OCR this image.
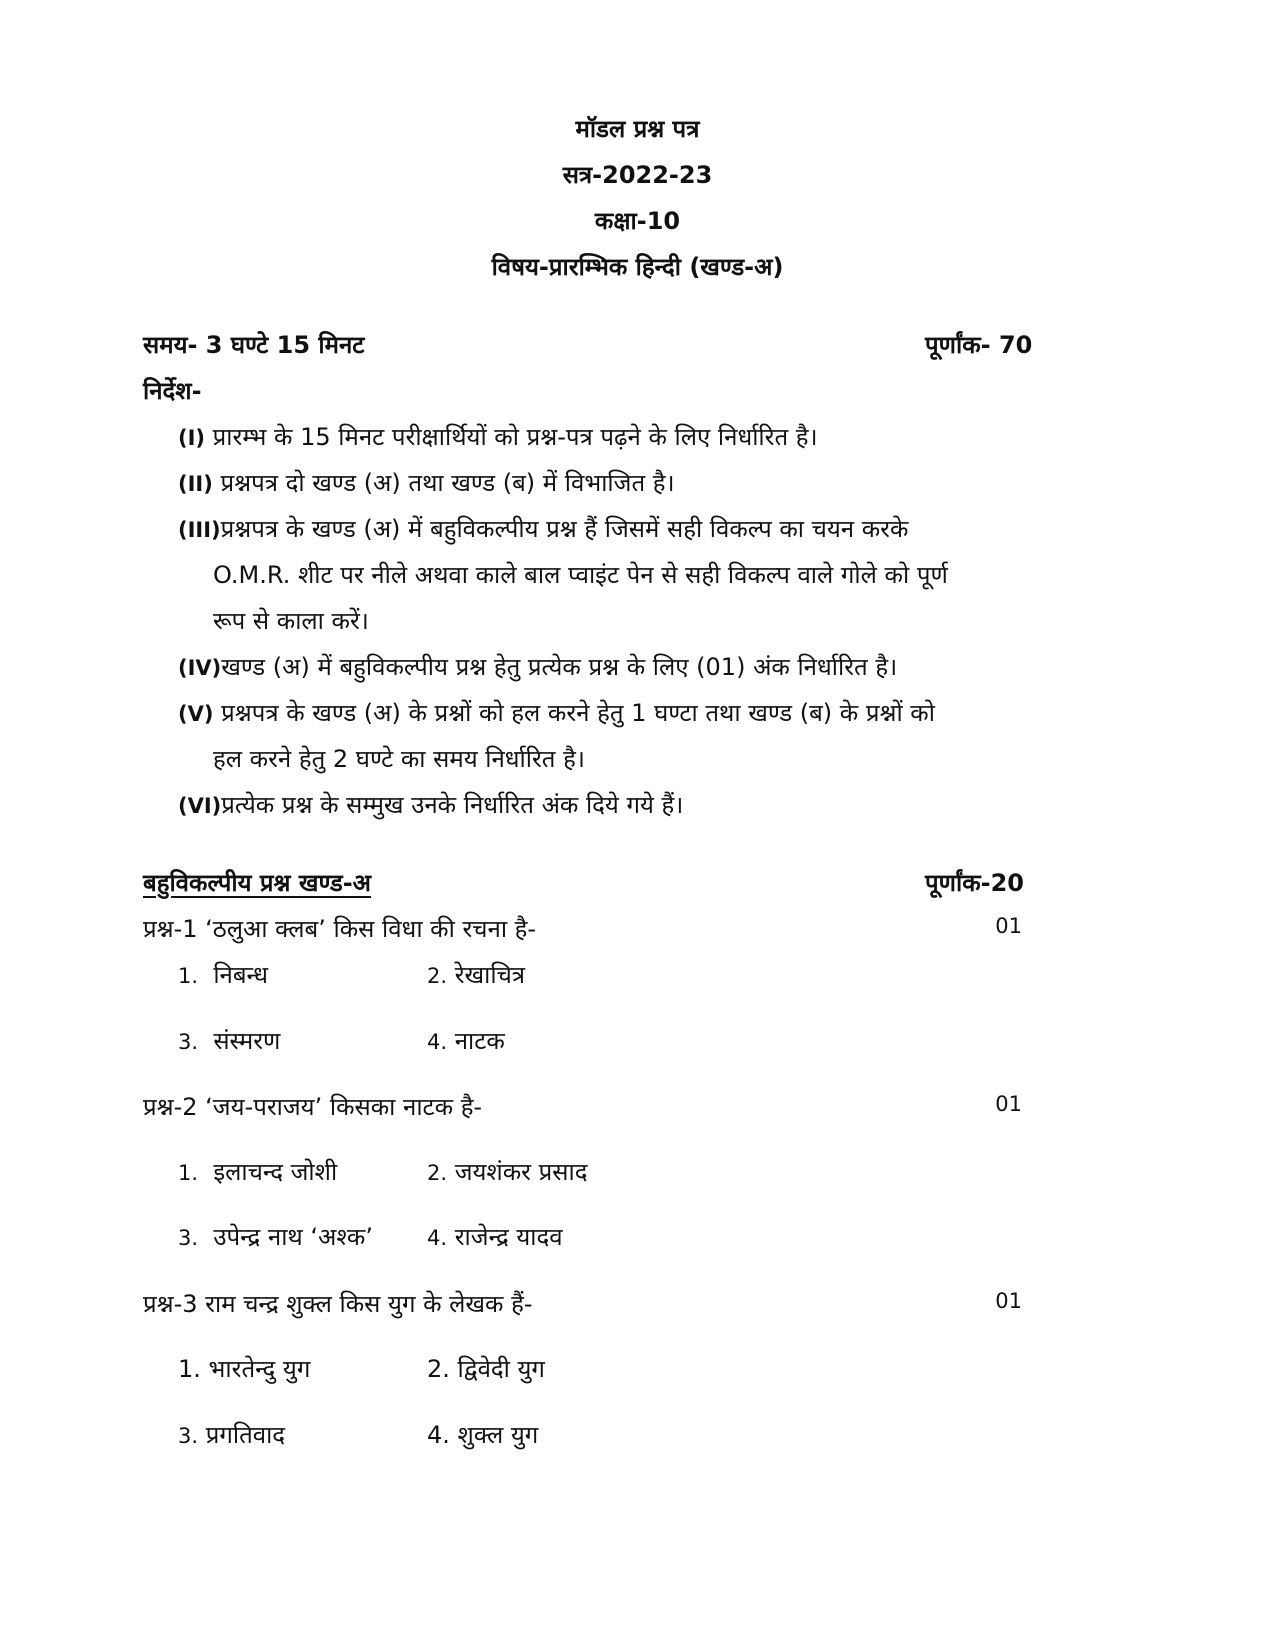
मॉडल प्रश्न पत्र
सत्र-2022-23
कक्षा-10
विषय-प्रारम्भिक हिन्दी (खण्ड-अ)
समय- 3 घण्टे 15 मिनट	पूर्णांक- 70
निर्देश-
(I) प्रारम्भ के 15 मिनट परीक्षार्थियों को प्रश्न-पत्र पढ़ने के लिए निर्धारित है।
(II) प्रश्नपत्र दो खण्ड (अ) तथा खण्ड (ब) में विभाजित है।
(III)प्रश्नपत्र के खण्ड (अ) में बहुविकल्पीय प्रश्न हैं जिसमें सही विकल्प का चयन करके
O.M.R. शीट पर नीले अथवा काले बाल प्वाइंट पेन से सही विकल्प वाले गोले को पूर्ण
रूप से काला करें।
(IV)खण्ड (अ) में बहुविकल्पीय प्रश्न हेतु प्रत्येक प्रश्न के लिए (01) अंक निर्धारित है।
(V) प्रश्नपत्र के खण्ड (अ) के प्रश्नों को हल करने हेतु 1 घण्टा तथा खण्ड (ब) के प्रश्नों को
हल करने हेतु 2 घण्टे का समय निर्धारित है।
(VI)प्रत्येक प्रश्न के सम्मुख उनके निर्धारित अंक दिये गये हैं।
बहुविकल्पीय प्रश्न खण्ड-अ	पूर्णांक-20
प्रश्न-1 ‘ठलुआ क्लब’ किस विधा की रचना है-	01
1. निबन्ध	2. रेखाचित्र
3. संस्मरण	4. नाटक
प्रश्न-2 ‘जय-पराजय’ किसका नाटक है-	01
1. इलाचन्द जोशी	2. जयशंकर प्रसाद
3. उपेन्द्र नाथ ‘अश्क’	4. राजेन्द्र यादव
प्रश्न-3 राम चन्द्र शुक्ल किस युग के लेखक हैं-	01
1. भारतेन्दु युग	2. द्विवेदी युग
3. प्रगतिवाद	4. शुक्ल युग
